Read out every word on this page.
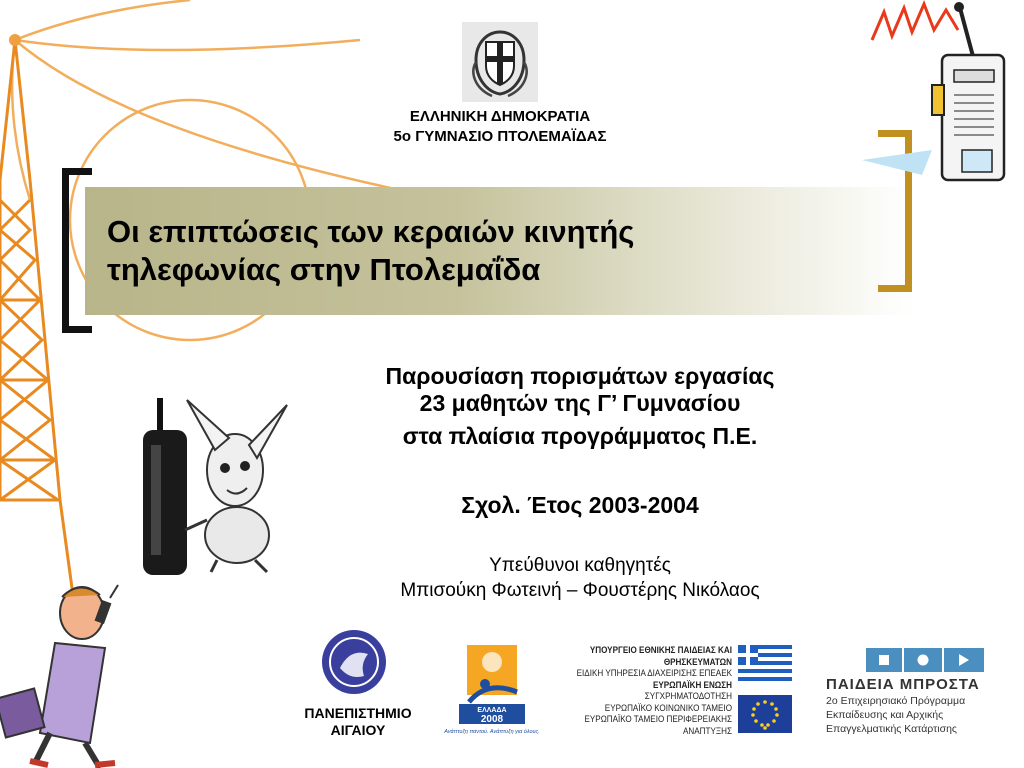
ΕΛΛΗΝΙΚΗ ΔΗΜΟΚΡΑΤΙΑ
5ο ΓΥΜΝΑΣΙΟ ΠΤΟΛΕΜΑΪΔΑΣ
Οι επιπτώσεις των κεραιών κινητής
τηλεφωνίας στην Πτολεμαΐδα
Παρουσίαση πορισμάτων εργασίας
23 μαθητών της Γ’ Γυμνασίου
στα πλαίσια προγράμματος Π.Ε.
Σχολ. Έτος 2003-2004
Υπεύθυνοι καθηγητές
Μπισούκη Φωτεινή – Φουστέρης Νικόλαος
ΠΑΝΕΠΙΣΤΗΜΙΟ
ΑΙΓΑΙΟΥ
ΕΛΛΑΔΑ
2008
Ανάπτυξη παντού. Ανάπτυξη για όλους.
ΥΠΟΥΡΓΕΙΟ ΕΘΝΙΚΗΣ ΠΑΙΔΕΙΑΣ ΚΑΙ ΘΡΗΣΚΕΥΜΑΤΩΝ
ΕΙΔΙΚΗ ΥΠΗΡΕΣΙΑ ΔΙΑΧΕΙΡΙΣΗΣ ΕΠΕΑΕΚ
ΕΥΡΩΠΑΪΚΗ ΕΝΩΣΗ
ΣΥΓΧΡΗΜΑΤΟΔΟΤΗΣΗ
ΕΥΡΩΠΑΪΚΟ ΚΟΙΝΩΝΙΚΟ ΤΑΜΕΙΟ
ΕΥΡΩΠΑΪΚΟ ΤΑΜΕΙΟ ΠΕΡΙΦΕΡΕΙΑΚΗΣ ΑΝΑΠΤΥΞΗΣ
ΠΑΙΔΕΙΑ ΜΠΡΟΣΤΑ
2ο Επιχειρησιακό Πρόγραμμα
Εκπαίδευσης και Αρχικής
Επαγγελματικής Κατάρτισης
